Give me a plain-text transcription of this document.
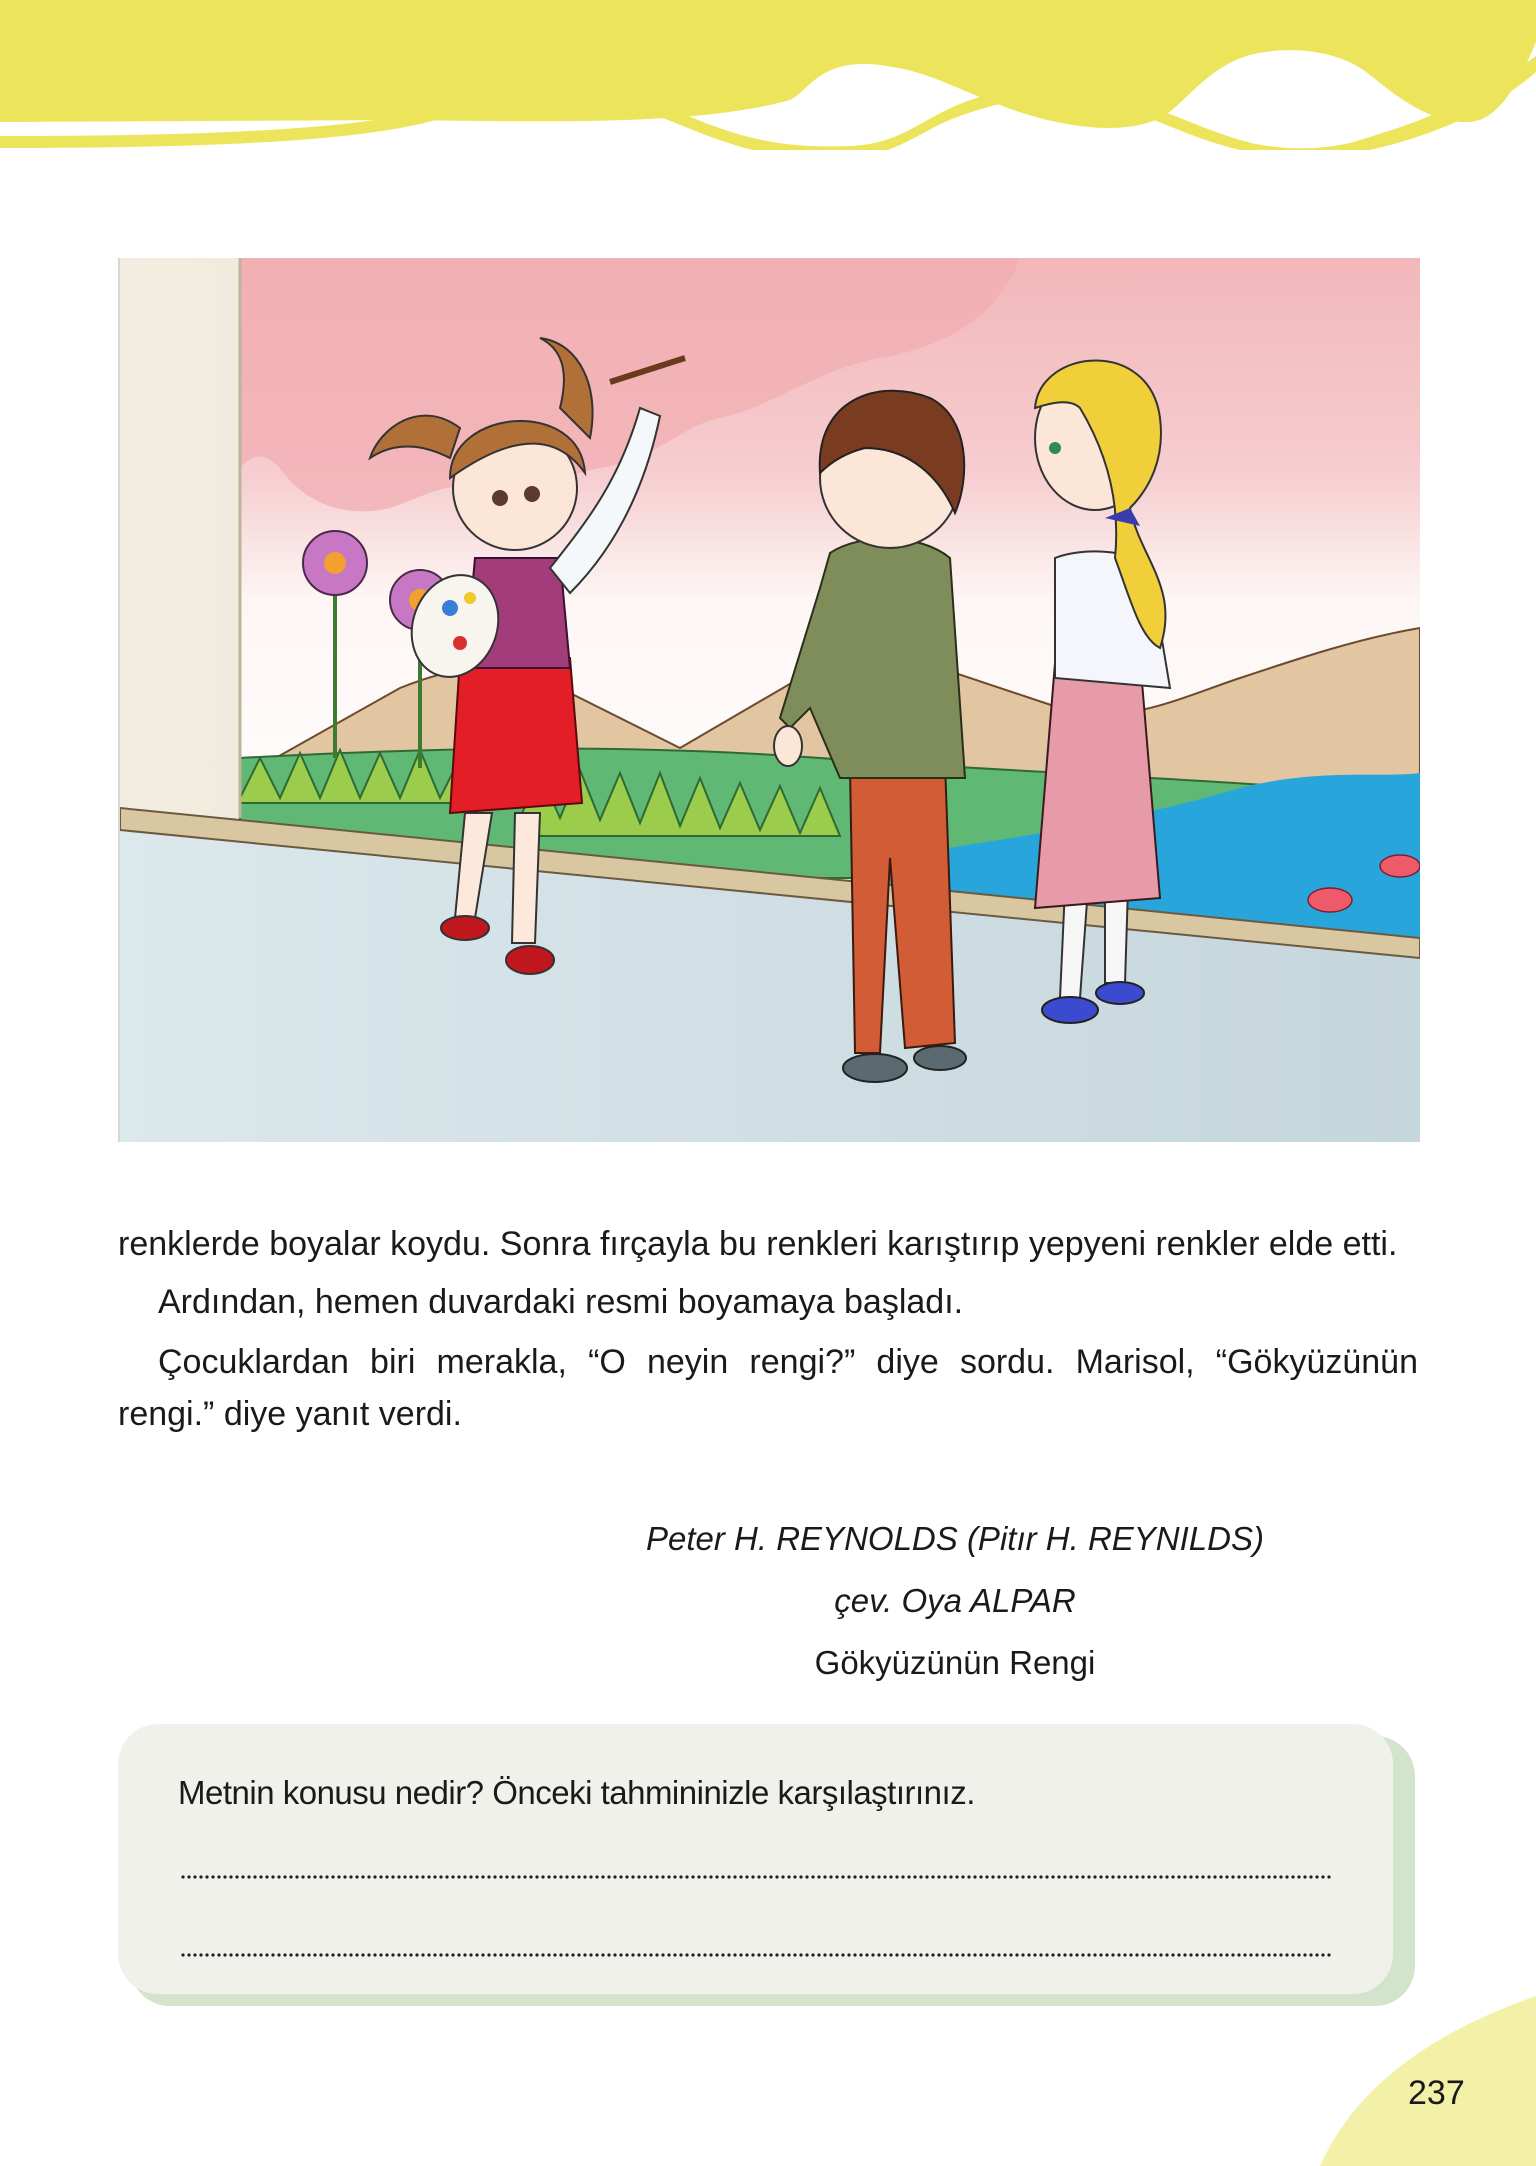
renklerde boyalar koydu. Sonra fırçayla bu renkleri karıştırıp yepyeni renkler elde etti.

Ardından, hemen duvardaki resmi boyamaya başladı.

Çocuklardan biri merakla, “O neyin rengi?” diye sordu. Marisol, “Gökyüzünün rengi.” diye yanıt verdi.

Peter H. REYNOLDS (Pitır H. REYNILDS)
çev. Oya ALPAR
Gökyüzünün Rengi
Metnin konusu nedir? Önceki tahmininizle karşılaştırınız.
237
